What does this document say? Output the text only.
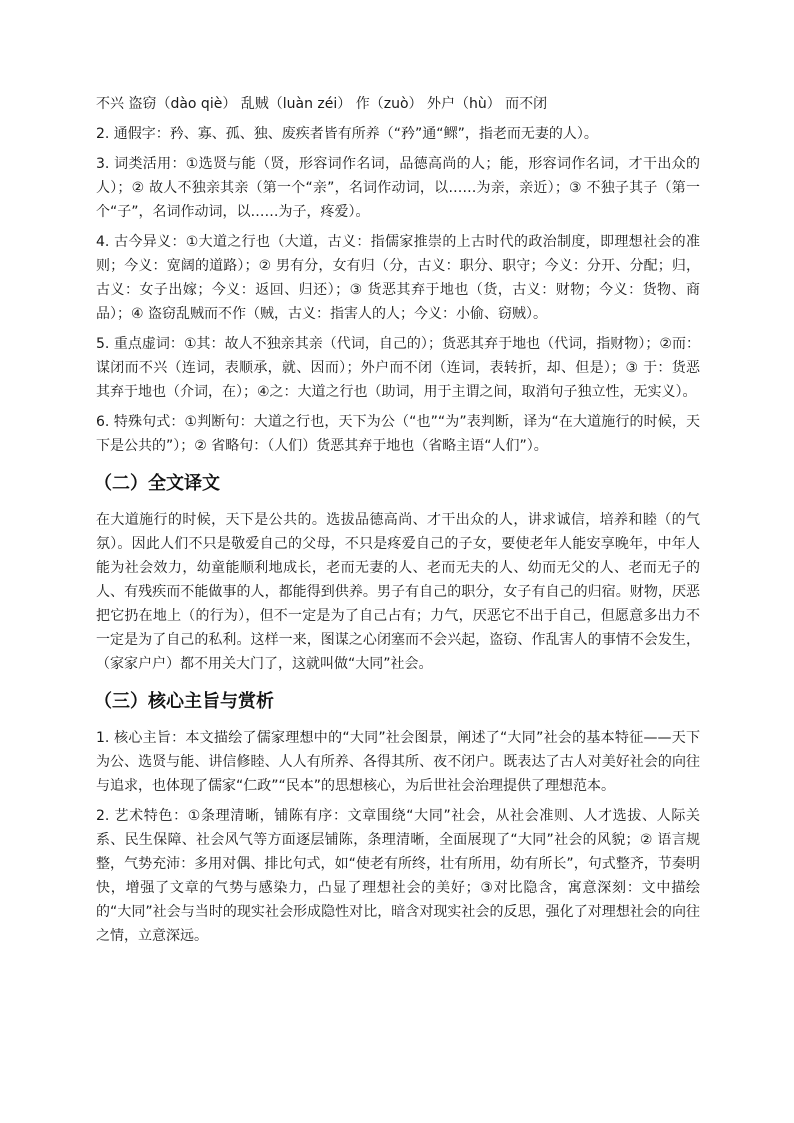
不兴 盗窃（dào qiè） 乱贼（luàn zéi） 作（zuò） 外户（hù） 而不闭

2. 通假字：矜、寡、孤、独、废疾者皆有所养（“矜”通“鳏”，指老而无妻的人）。

3. 词类活用：①选贤与能（贤，形容词作名词，品德高尚的人；能，形容词作名词，才干出众的人）；② 故人不独亲其亲（第一个“亲”，名词作动词，以……为亲，亲近）；③ 不独子其子（第一个“子”，名词作动词，以……为子，疼爱）。

4. 古今异义：①大道之行也（大道，古义：指儒家推崇的上古时代的政治制度，即理想社会的准则；今义：宽阔的道路）；② 男有分，女有归（分，古义：职分、职守；今义：分开、分配；归，古义：女子出嫁；今义：返回、归还）；③ 货恶其弃于地也（货，古义：财物；今义：货物、商品）；④ 盗窃乱贼而不作（贼，古义：指害人的人；今义：小偷、窃贼）。

5. 重点虚词：①其：故人不独亲其亲（代词，自己的）；货恶其弃于地也（代词，指财物）；②而：谋闭而不兴（连词，表顺承，就、因而）；外户而不闭（连词，表转折，却、但是）；③ 于：货恶其弃于地也（介词，在）；④之：大道之行也（助词，用于主谓之间，取消句子独立性，无实义）。

6. 特殊句式：①判断句：大道之行也，天下为公（“也”“为”表判断，译为“在大道施行的时候，天下是公共的”）；② 省略句：（人们）货恶其弃于地也（省略主语“人们”）。

（二）全文译文

在大道施行的时候，天下是公共的。选拔品德高尚、才干出众的人，讲求诚信，培养和睦（的气氛）。因此人们不只是敬爱自己的父母，不只是疼爱自己的子女，要使老年人能安享晚年，中年人能为社会效力，幼童能顺利地成长，老而无妻的人、老而无夫的人、幼而无父的人、老而无子的人、有残疾而不能做事的人，都能得到供养。男子有自己的职分，女子有自己的归宿。财物，厌恶把它扔在地上（的行为），但不一定是为了自己占有；力气，厌恶它不出于自己，但愿意多出力不一定是为了自己的私利。这样一来，图谋之心闭塞而不会兴起，盗窃、作乱害人的事情不会发生，（家家户户）都不用关大门了，这就叫做“大同”社会。

（三）核心主旨与赏析

1. 核心主旨：本文描绘了儒家理想中的“大同”社会图景，阐述了“大同”社会的基本特征——天下为公、选贤与能、讲信修睦、人人有所养、各得其所、夜不闭户。既表达了古人对美好社会的向往与追求，也体现了儒家“仁政”“民本”的思想核心，为后世社会治理提供了理想范本。

2. 艺术特色：①条理清晰，铺陈有序：文章围绕“大同”社会，从社会准则、人才选拔、人际关系、民生保障、社会风气等方面逐层铺陈，条理清晰，全面展现了“大同”社会的风貌；② 语言规整，气势充沛：多用对偶、排比句式，如“使老有所终，壮有所用，幼有所长”，句式整齐，节奏明快，增强了文章的气势与感染力，凸显了理想社会的美好；③对比隐含，寓意深刻：文中描绘的“大同”社会与当时的现实社会形成隐性对比，暗含对现实社会的反思，强化了对理想社会的向往之情，立意深远。
